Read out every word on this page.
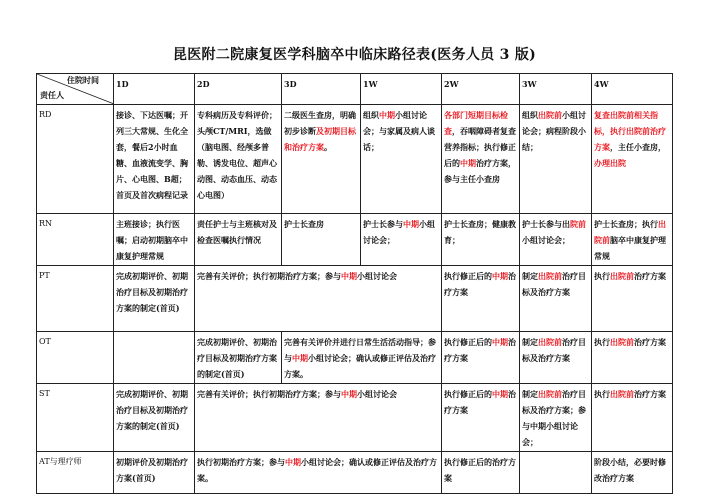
昆医附二院康复医学科脑卒中临床路径表(医务人员 3 版)
住院时间
责任人	1D	2D	3D	1W	2W	3W	4W
RD	接诊、下达医嘱；开列三大常规、生化全套，餐后2小时血糖、血液流变学、胸片、心电图、B超；首页及首次病程记录	专科病历及专科评价；头颅CT/MRI，选做（脑电图、经颅多普勒、诱发电位、超声心动图、动态血压、动态心电图）	二级医生查房，明确初步诊断及初期目标和治疗方案。	组织中期小组讨论会；与家属及病人谈话；	各部门短期目标检查，吞咽障碍者复查营养指标；执行修正后的中期治疗方案，参与主任小查房	组织出院前小组讨论会；病程阶段小结；	复查出院前相关指标，执行出院前治疗方案，主任小查房，办理出院
RN	主班接诊；执行医嘱；启动初期脑卒中康复护理常规	责任护士与主班核对及检查医嘱执行情况	护士长查房	护士长参与中期小组讨论会；	护士长查房；健康教育；	护士长参与出院前小组讨论会；	护士长查房；执行出院前脑卒中康复护理常规
PT	完成初期评价、初期治疗目标及初期治疗方案的制定(首页)	完善有关评价；执行初期治疗方案；参与中期小组讨论会			执行修正后的中期治疗方案	制定出院前治疗目标及治疗方案	执行出院前治疗方案
OT		完成初期评价、初期治疗目标及初期治疗方案的制定(首页)	完善有关评价并进行日常生活活动指导；参与中期小组讨论会；确认或修正评估及治疗方案。		执行修正后的中期治疗方案	制定出院前治疗目标及治疗方案	执行出院前治疗方案
ST	完成初期评价、初期治疗目标及初期治疗方案的制定(首页)	完善有关评价；执行初期治疗方案；参与中期小组讨论会			执行修正后的中期治疗方案	制定出院前治疗目标及治疗方案；参与中期小组讨论会；	执行出院前治疗方案
AT与理疗师	初期评价及初期治疗方案(首页)	执行初期治疗方案；参与中期小组讨论会；确认或修正评估及治疗方案。			执行修正后的治疗方案		阶段小结，必要时修改治疗方案
